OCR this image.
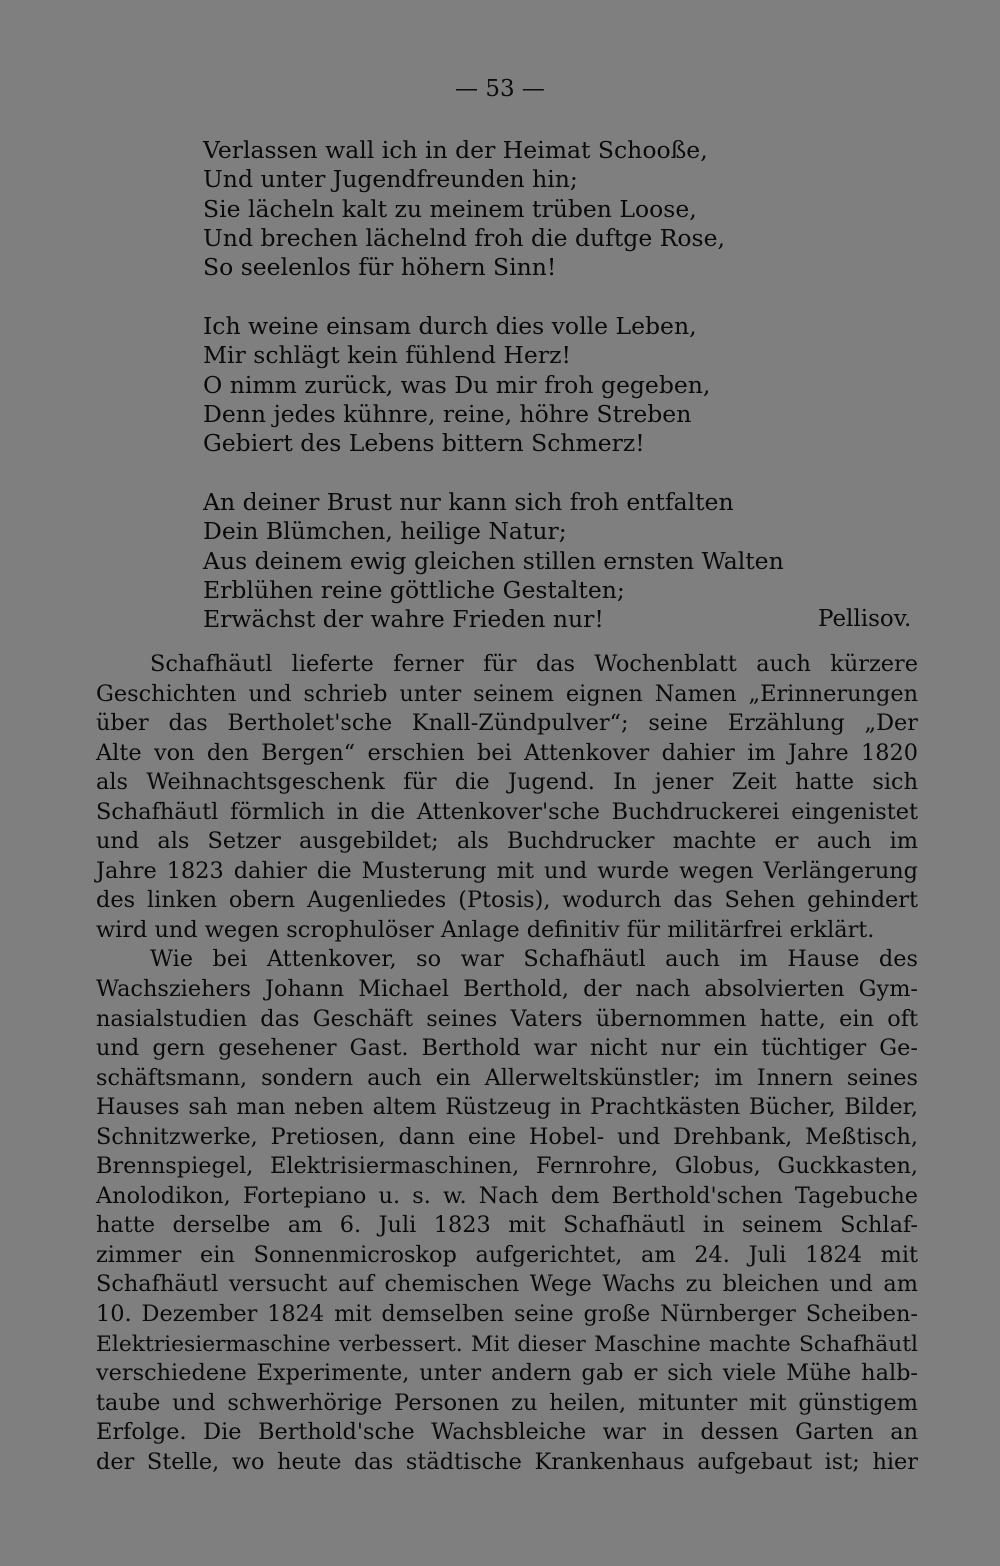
— 53 —
Verlassen wall ich in der Heimat Schooße,
Und unter Jugendfreunden hin;
Sie lächeln kalt zu meinem trüben Loose,
Und brechen lächelnd froh die duftge Rose,
So seelenlos für höhern Sinn!
Ich weine einsam durch dies volle Leben,
Mir schlägt kein fühlend Herz!
O nimm zurück, was Du mir froh gegeben,
Denn jedes kühnre, reine, höhre Streben
Gebiert des Lebens bittern Schmerz!
An deiner Brust nur kann sich froh entfalten
Dein Blümchen, heilige Natur;
Aus deinem ewig gleichen stillen ernsten Walten
Erblühen reine göttliche Gestalten;
Erwächst der wahre Frieden nur!	Pellisov.
Schafhäutl lieferte ferner für das Wochenblatt auch kürzere
Geschichten und schrieb unter seinem eignen Namen „Erinnerungen
über das Bertholet'sche Knall-Zündpulver“; seine Erzählung „Der
Alte von den Bergen“ erschien bei Attenkover dahier im Jahre 1820
als Weihnachtsgeschenk für die Jugend. In jener Zeit hatte sich
Schafhäutl förmlich in die Attenkover'sche Buchdruckerei eingenistet
und als Setzer ausgebildet; als Buchdrucker machte er auch im
Jahre 1823 dahier die Musterung mit und wurde wegen Verlängerung
des linken obern Augenliedes (Ptosis), wodurch das Sehen gehindert
wird und wegen scrophulöser Anlage definitiv für militärfrei erklärt.
Wie bei Attenkover, so war Schafhäutl auch im Hause des
Wachsziehers Johann Michael Berthold, der nach absolvierten Gym-
nasialstudien das Geschäft seines Vaters übernommen hatte, ein oft
und gern gesehener Gast. Berthold war nicht nur ein tüchtiger Ge-
schäftsmann, sondern auch ein Allerweltskünstler; im Innern seines
Hauses sah man neben altem Rüstzeug in Prachtkästen Bücher, Bilder,
Schnitzwerke, Pretiosen, dann eine Hobel- und Drehbank, Meßtisch,
Brennspiegel, Elektrisiermaschinen, Fernrohre, Globus, Guckkasten,
Anolodikon, Fortepiano u. s. w. Nach dem Berthold'schen Tagebuche
hatte derselbe am 6. Juli 1823 mit Schafhäutl in seinem Schlaf-
zimmer ein Sonnenmicroskop aufgerichtet, am 24. Juli 1824 mit
Schafhäutl versucht auf chemischen Wege Wachs zu bleichen und am
10. Dezember 1824 mit demselben seine große Nürnberger Scheiben-
Elektriesiermaschine verbessert. Mit dieser Maschine machte Schafhäutl
verschiedene Experimente, unter andern gab er sich viele Mühe halb-
taube und schwerhörige Personen zu heilen, mitunter mit günstigem
Erfolge. Die Berthold'sche Wachsbleiche war in dessen Garten an
der Stelle, wo heute das städtische Krankenhaus aufgebaut ist; hier
